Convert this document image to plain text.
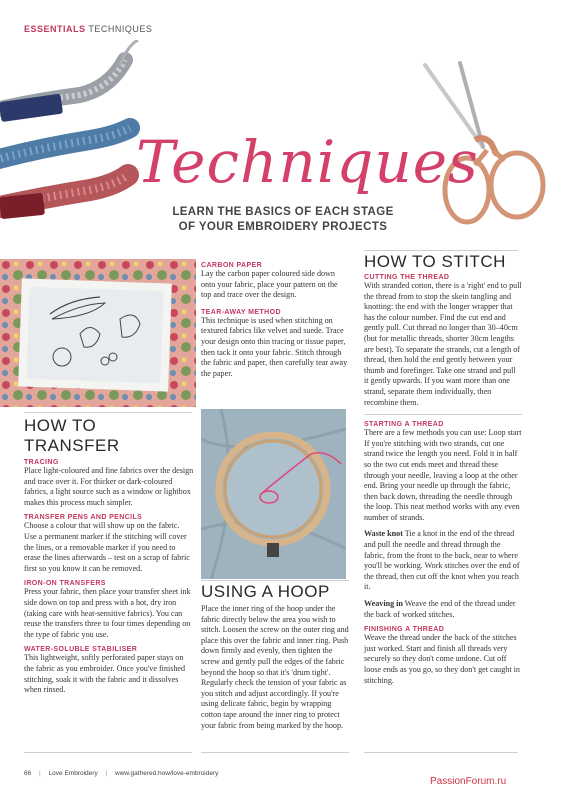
ESSENTIALS TECHNIQUES
Techniques
LEARN THE BASICS OF EACH STAGE
OF YOUR EMBROIDERY PROJECTS
HOW TO TRANSFER
TRACING

Place light-coloured and fine fabrics over the design and trace over it. For thicker or dark-coloured fabrics, a light source such as a window or lightbox makes this process much simpler.

TRANSFER PENS AND PENCILS

Choose a colour that will show up on the fabric. Use a permanent marker if the stitching will cover the lines, or a removable marker if you need to erase the lines afterwards – test on a scrap of fabric first so you know it can be removed.

IRON-ON TRANSFERS

Press your fabric, then place your transfer sheet ink side down on top and press with a hot, dry iron (taking care with heat-sensitive fabrics). You can reuse the transfers three to four times depending on the type of fabric you use.

WATER-SOLUBLE STABILISER

This lightweight, softly perforated paper stays on the fabric as you embroider. Once you've finished stitching, soak it with the fabric and it dissolves when rinsed.

CARBON PAPER

Lay the carbon paper coloured side down onto your fabric, place your pattern on the top and trace over the design.

TEAR-AWAY METHOD

This technique is used when stitching on textured fabrics like velvet and suede. Trace your design onto thin tracing or tissue paper, then tack it onto your fabric. Stitch through the fabric and paper, then carefully tear away the paper.

USING A HOOP

Place the inner ring of the hoop under the fabric directly below the area you wish to stitch. Loosen the screw on the outer ring and place this over the fabric and inner ring. Push down firmly and evenly, then tighten the screw and gently pull the edges of the fabric beyond the hoop so that it's 'drum tight'. Regularly check the tension of your fabric as you stitch and adjust accordingly. If you're using delicate fabric, begin by wrapping cotton tape around the inner ring to protect your fabric from being marked by the hoop.

HOW TO STITCH
CUTTING THE THREAD

With stranded cotton, there is a 'right' end to pull the thread from to stop the skein tangling and knotting: the end with the longer wrapper that has the colour number. Find the cut end and gently pull. Cut thread no longer than 30–40cm (but for metallic threads, shorter 30cm lengths are best). To separate the strands, cut a length of thread, then hold the end gently between your thumb and forefinger. Take one strand and pull it gently upwards. If you want more than one strand, separate them individually, then recombine them.

STARTING A THREAD

There are a few methods you can use: Loop start If you're stitching with two strands, cut one strand twice the length you need. Fold it in half so the two cut ends meet and thread these through your needle, leaving a loop at the other end. Bring your needle up through the fabric, then back down, threading the needle through the loop. This neat method works with any even number of strands.

Waste knot Tie a knot in the end of the thread and pull the needle and thread through the fabric, from the front to the back, near to where you'll be working. Work stitches over the end of the thread, then cut off the knot when you reach it.

Weaving in Weave the end of the thread under the back of worked stitches.

FINISHING A THREAD

Weave the thread under the back of the stitches just worked. Start and finish all threads very securely so they don't come undone. Cut off loose ends as you go, so they don't get caught in stitching.

66 | Love Embroidery | www.gathered.how/love-embroidery
PassionForum.ru
